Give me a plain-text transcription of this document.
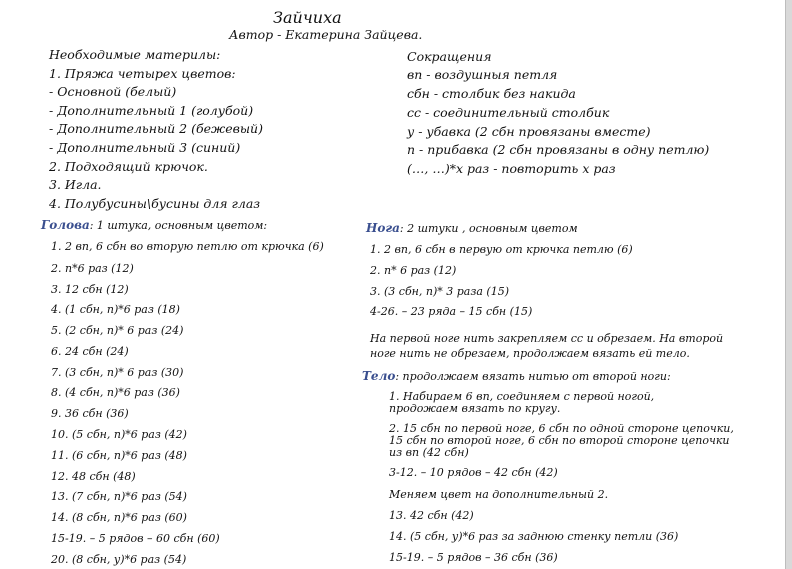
Зайчиха
Автор - Екатерина Зайцева.
Необходимые материлы:
1. Пряжа четырех цветов:
- Основной (белый)
- Дополнительный 1 (голубой)
- Дополнительный 2 (бежевый)
- Дополнительный 3 (синий)
2. Подходящий крючок.
3. Игла.
4. Полубусины\бусины для глаз
Сокращения
вп - воздушныя петля
сбн - столбик без накида
сс - соединительный столбик
у - убавка (2 сбн провязаны вместе)
п - прибавка (2 сбн провязаны в одну петлю)
(…, …)*х раз - повторить х раз
Голова: 1 штука, основным цветом:
1. 2 вп, 6 сбн во вторую петлю от крючка (6)
2. п*6 раз (12)
3. 12 сбн (12)
4. (1 сбн, п)*6 раз (18)
5. (2 сбн, п)* 6 раз (24)
6. 24 сбн (24)
7. (3 сбн, п)* 6 раз (30)
8. (4 сбн, п)*6 раз (36)
9. 36 сбн (36)
10. (5 сбн, п)*6 раз (42)
11. (6 сбн, п)*6 раз (48)
12. 48 сбн (48)
13. (7 сбн, п)*6 раз (54)
14. (8 сбн, п)*6 раз (60)
15-19. – 5 рядов – 60 сбн (60)
20. (8 сбн, у)*6 раз (54)
Нога: 2 штуки , основным цветом
1. 2 вп, 6 сбн в первую от крючка петлю (6)
2. п* 6 раз (12)
3. (3 сбн, п)* 3 раза (15)
4-26. – 23 ряда – 15 сбн (15)
На первой ноге нить закрепляем сс и обрезаем. На второй
ноге нить не обрезаем, продолжаем вязать ей тело.
Тело: продолжаем вязать нитью от второй ноги:
1. Набираем 6 вп, соединяем с первой ногой,
продожаем вязать по кругу.
2. 15 сбн по первой ноге, 6 сбн по одной стороне цепочки,
15 сбн по второй ноге, 6 сбн по второй стороне цепочки
из вп (42 сбн)
3-12. – 10 рядов – 42 сбн (42)
Меняем цвет на дополнительный 2.
13. 42 сбн (42)
14. (5 сбн, у)*6 раз за заднюю стенку петли (36)
15-19. – 5 рядов – 36 сбн (36)
